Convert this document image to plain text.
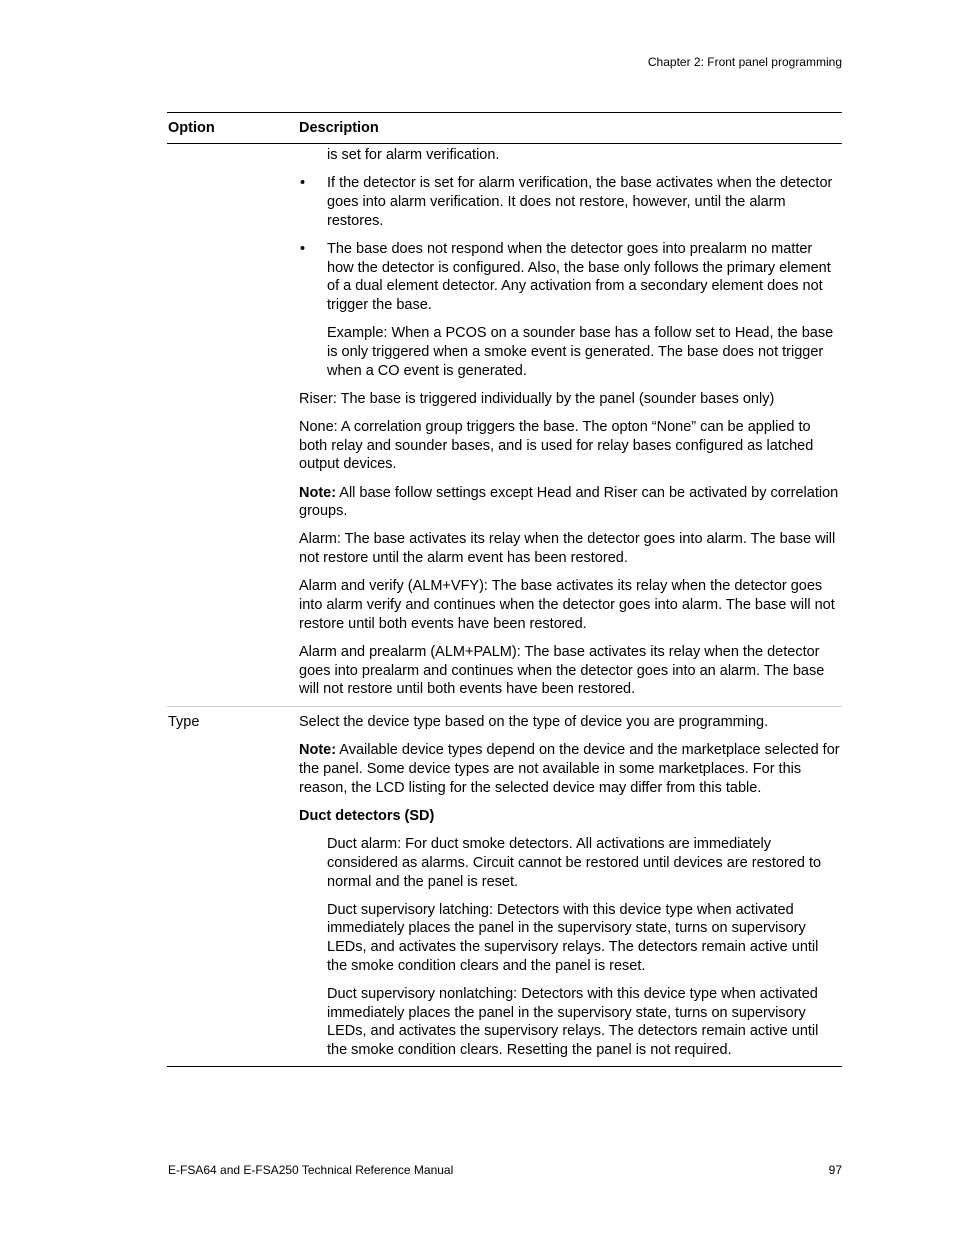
Chapter 2: Front panel programming
Option	Description

is set for alarm verification.

• If the detector is set for alarm verification, the base activates when the detector goes into alarm verification. It does not restore, however, until the alarm restores.

• The base does not respond when the detector goes into prealarm no matter how the detector is configured. Also, the base only follows the primary element of a dual element detector. Any activation from a secondary element does not trigger the base.

Example: When a PCOS on a sounder base has a follow set to Head, the base is only triggered when a smoke event is generated. The base does not trigger when a CO event is generated.

Riser: The base is triggered individually by the panel (sounder bases only)

None: A correlation group triggers the base. The opton “None” can be applied to both relay and sounder bases, and is used for relay bases configured as latched output devices.

Note: All base follow settings except Head and Riser can be activated by correlation groups.

Alarm: The base activates its relay when the detector goes into alarm. The base will not restore until the alarm event has been restored.

Alarm and verify (ALM+VFY): The base activates its relay when the detector goes into alarm verify and continues when the detector goes into alarm. The base will not restore until both events have been restored.

Alarm and prealarm (ALM+PALM): The base activates its relay when the detector goes into prealarm and continues when the detector goes into an alarm. The base will not restore until both events have been restored.

Type	Select the device type based on the type of device you are programming.

Note: Available device types depend on the device and the marketplace selected for the panel. Some device types are not available in some marketplaces. For this reason, the LCD listing for the selected device may differ from this table.

Duct detectors (SD)

Duct alarm: For duct smoke detectors. All activations are immediately considered as alarms. Circuit cannot be restored until devices are restored to normal and the panel is reset.

Duct supervisory latching: Detectors with this device type when activated immediately places the panel in the supervisory state, turns on supervisory LEDs, and activates the supervisory relays. The detectors remain active until the smoke condition clears and the panel is reset.

Duct supervisory nonlatching: Detectors with this device type when activated immediately places the panel in the supervisory state, turns on supervisory LEDs, and activates the supervisory relays. The detectors remain active until the smoke condition clears. Resetting the panel is not required.

E-FSA64 and E-FSA250 Technical Reference Manual	97
